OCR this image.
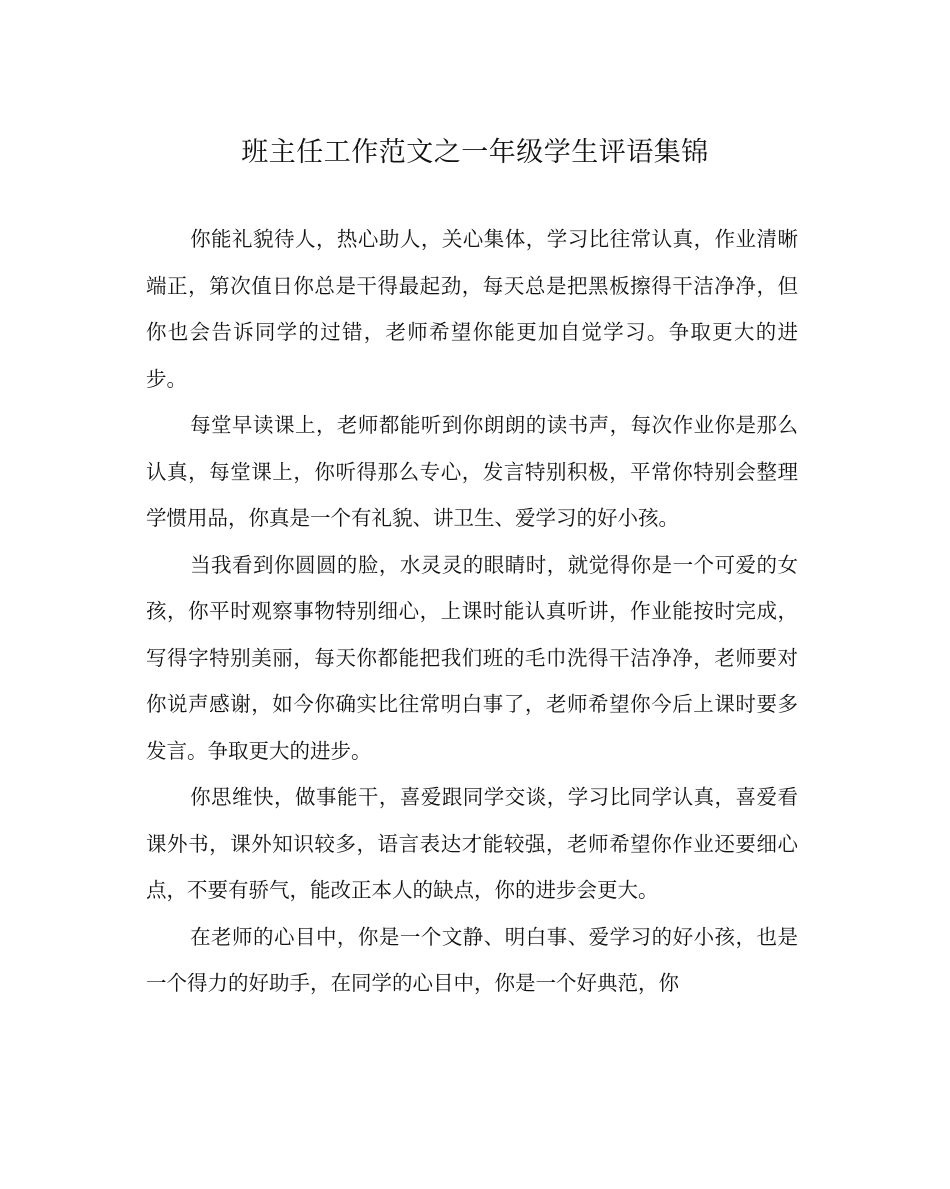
班主任工作范文之一年级学生评语集锦

你能礼貌待人，热心助人，关心集体，学习比往常认真，作业清晰端正，第次值日你总是干得最起劲，每天总是把黑板擦得干洁净净，但你也会告诉同学的过错，老师希望你能更加自觉学习。争取更大的进步。

每堂早读课上，老师都能听到你朗朗的读书声，每次作业你是那么认真，每堂课上，你听得那么专心，发言特别积极，平常你特别会整理学惯用品，你真是一个有礼貌、讲卫生、爱学习的好小孩。

当我看到你圆圆的脸，水灵灵的眼睛时，就觉得你是一个可爱的女孩，你平时观察事物特别细心，上课时能认真听讲，作业能按时完成，写得字特别美丽，每天你都能把我们班的毛巾洗得干洁净净，老师要对你说声感谢，如今你确实比往常明白事了，老师希望你今后上课时要多发言。争取更大的进步。

你思维快，做事能干，喜爱跟同学交谈，学习比同学认真，喜爱看课外书，课外知识较多，语言表达才能较强，老师希望你作业还要细心点，不要有骄气，能改正本人的缺点，你的进步会更大。

在老师的心目中，你是一个文静、明白事、爱学习的好小孩，也是一个得力的好助手，在同学的心目中，你是一个好典范，你
